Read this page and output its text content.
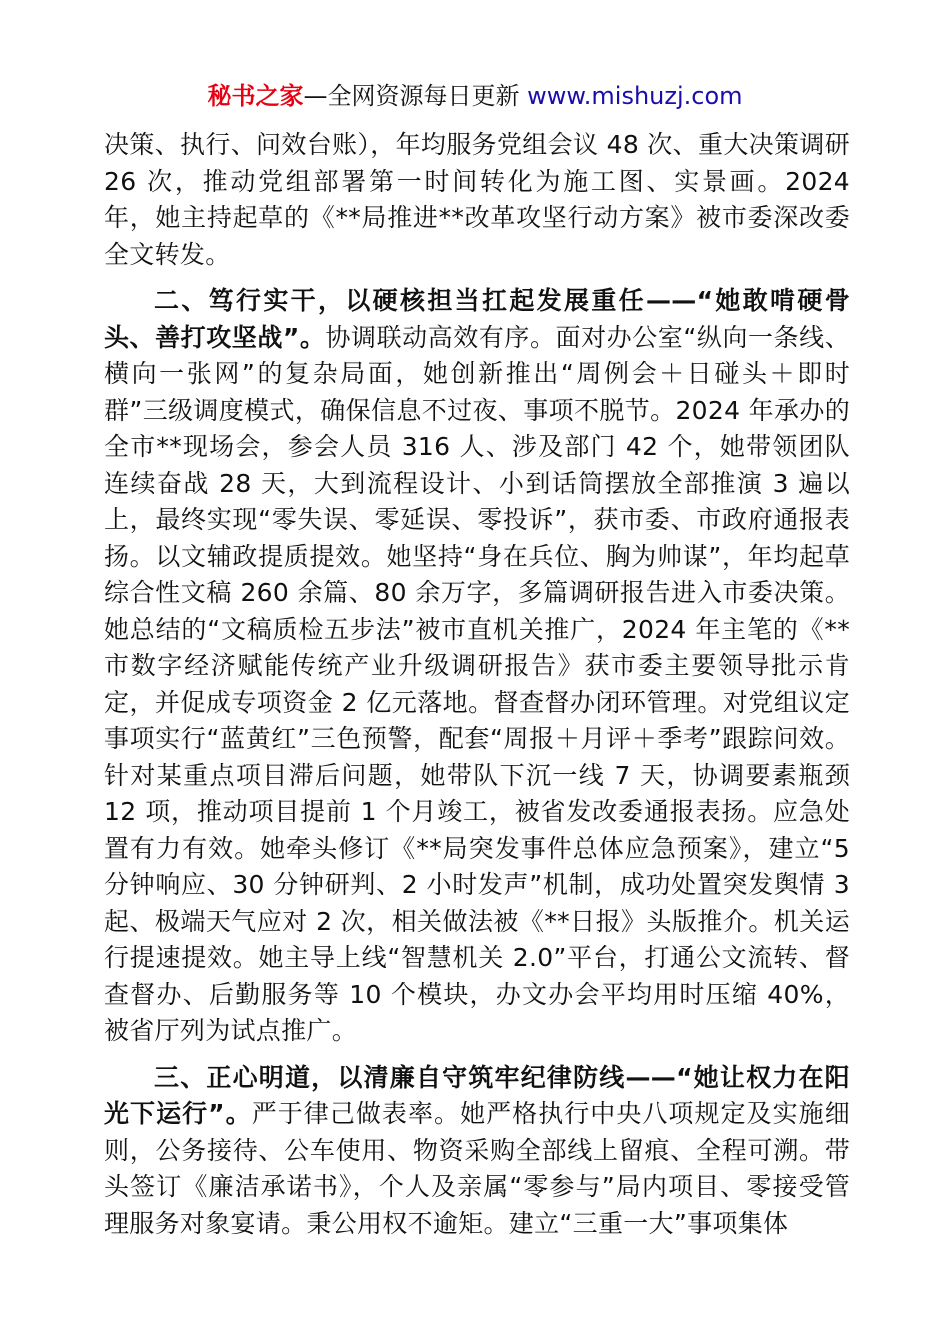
秘书之家—全网资源每日更新 www.mishuzj.com

决策、执行、问效台账），年均服务党组会议 48 次、重大决策调研 26 次，推动党组部署第一时间转化为施工图、实景画。2024 年，她主持起草的《**局推进**改革攻坚行动方案》被市委深改委全文转发。

二、笃行实干，以硬核担当扛起发展重任——“她敢啃硬骨头、善打攻坚战”。协调联动高效有序。面对办公室“纵向一条线、横向一张网”的复杂局面，她创新推出“周例会＋日碰头＋即时群”三级调度模式，确保信息不过夜、事项不脱节。2024 年承办的全市**现场会，参会人员 316 人、涉及部门 42 个，她带领团队连续奋战 28 天，大到流程设计、小到话筒摆放全部推演 3 遍以上，最终实现“零失误、零延误、零投诉”，获市委、市政府通报表扬。以文辅政提质提效。她坚持“身在兵位、胸为帅谋”，年均起草综合性文稿 260 余篇、80 余万字，多篇调研报告进入市委决策。她总结的“文稿质检五步法”被市直机关推广，2024 年主笔的《**市数字经济赋能传统产业升级调研报告》获市委主要领导批示肯定，并促成专项资金 2 亿元落地。督查督办闭环管理。对党组议定事项实行“蓝黄红”三色预警，配套“周报＋月评＋季考”跟踪问效。针对某重点项目滞后问题，她带队下沉一线 7 天，协调要素瓶颈 12 项，推动项目提前 1 个月竣工，被省发改委通报表扬。应急处置有力有效。她牵头修订《**局突发事件总体应急预案》，建立“5 分钟响应、30 分钟研判、2 小时发声”机制，成功处置突发舆情 3 起、极端天气应对 2 次，相关做法被《**日报》头版推介。机关运行提速提效。她主导上线“智慧机关 2.0”平台，打通公文流转、督查督办、后勤服务等 10 个模块，办文办会平均用时压缩 40%，被省厅列为试点推广。

三、正心明道，以清廉自守筑牢纪律防线——“她让权力在阳光下运行”。严于律己做表率。她严格执行中央八项规定及实施细则，公务接待、公车使用、物资采购全部线上留痕、全程可溯。带头签订《廉洁承诺书》，个人及亲属“零参与”局内项目、零接受管理服务对象宴请。秉公用权不逾矩。建立“三重一大”事项集体
